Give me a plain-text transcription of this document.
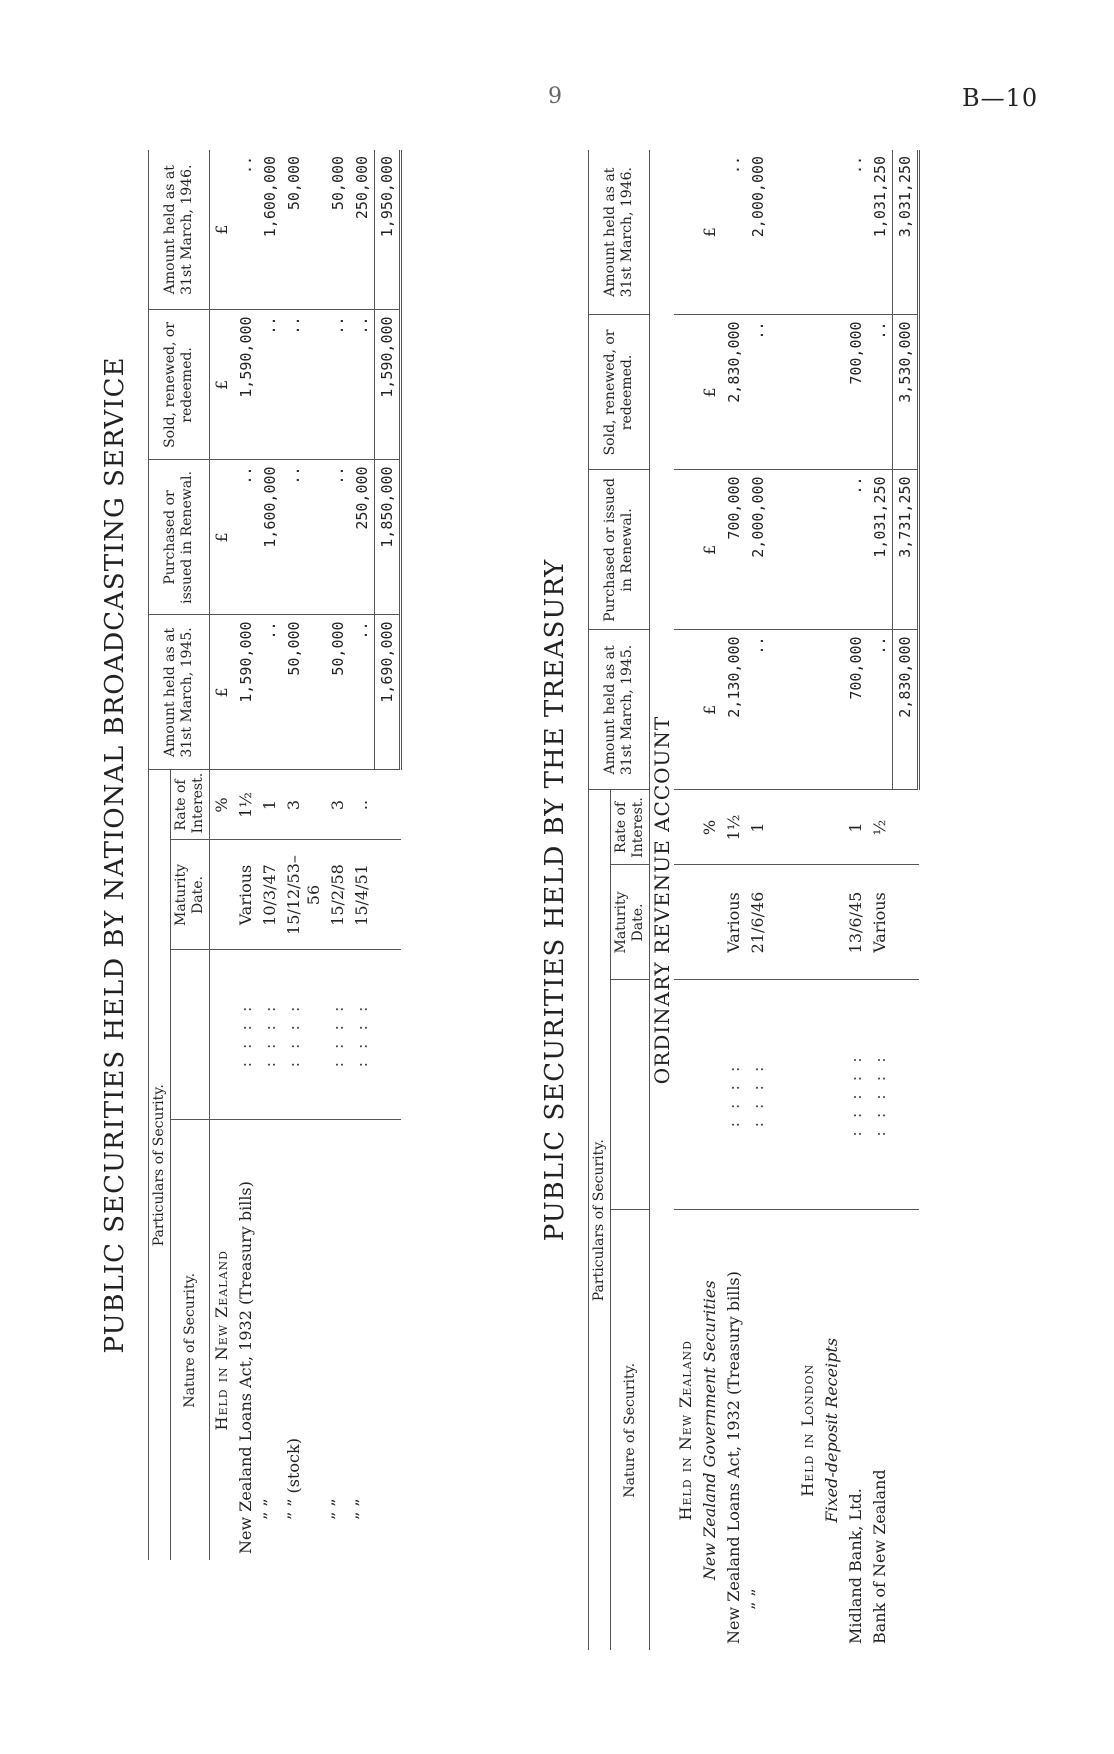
9	B—10
PUBLIC SECURITIES HELD BY NATIONAL BROADCASTING SERVICE Particulars of Security.				Amount held as at 31st March, 1945.	Purchased or issued in Renewal.	Sold, renewed, or redeemed.	Amount held as at 31st March, 1946.
Nature of Security.		Maturity Date.	Rate of Interest.				
Held in New Zealand			%	£	£	£	£
New Zealand Loans Act, 1932 (Treasury bills)	: : : :	Various	1½	1,590,000	..	1,590,000	..
” ”	: : : :	10/3/47	1	..	1,600,000	..	1,600,000
” ” (stock)	: : : :	15/12/53–56	3	50,000	..	..	50,000
” ”	: : : :	15/2/58	3	50,000	..	..	50,000
” ”	: : : :	15/4/51	..	..	250,000	..	250,000
				1,690,000	1,850,000	1,590,000	1,950,000
PUBLIC SECURITIES HELD BY THE TREASURY Particulars of Security.				Amount held as at 31st March, 1945.	Purchased or issued in Renewal.	Sold, renewed, or redeemed.	Amount held as at 31st March, 1946.
Nature of Security.		Maturity Date.	Rate of Interest.				
ORDINARY REVENUE ACCOUNT							
Held in New Zealand							
New Zealand Government Securities			%	£	£	£	£
New Zealand Loans Act, 1932 (Treasury bills)	: : : :	Various	1½	2,130,000	700,000	2,830,000	..
” ”	: : : :	21/6/46	1	..	2,000,000	..	2,000,000

Held in London							
Fixed-deposit Receipts							
Midland Bank, Ltd.	: : : : :	13/6/45	1	700,000	..	700,000	..
Bank of New Zealand	: : : : :	Various	½	..	1,031,250	..	1,031,250
				2,830,000	3,731,250	3,530,000	3,031,250
